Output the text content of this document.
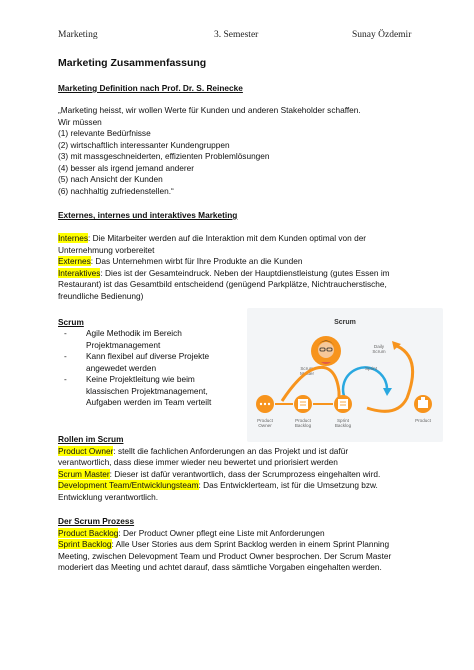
Marketing	3. Semester	Sunay Özdemir
Marketing Zusammenfassung
Marketing Definition nach Prof. Dr. S. Reinecke
„Marketing heisst, wir wollen Werte für Kunden und anderen Stakeholder schaffen.
Wir müssen
(1) relevante Bedürfnisse
(2) wirtschaftlich interessanter Kundengruppen
(3) mit massgeschneiderten, effizienten Problemlösungen
(4) besser als irgend jemand anderer
(5) nach Ansicht der Kunden
(6) nachhaltig zufriedenstellen.“
Externes, internes und interaktives Marketing
Internes: Die Mitarbeiter werden auf die Interaktion mit dem Kunden optimal von der
Unternehmung vorbereitet
Externes: Das Unternehmen wirbt für Ihre Produkte an die Kunden
Interaktives: Dies ist der Gesamteindruck. Neben der Hauptdienstleistung (gutes Essen im
Restaurant) ist das Gesamtbild entscheidend (genügend Parkplätze, Nichtraucherstische,
freundliche Bedienung)
Scrum
- Agile Methodik im Bereich
Projektmanagement
- Kann flexibel auf diverse Projekte
angewedet werden
- Keine Projektleitung wie beim
klassischen Projektmanagement,
Aufgaben werden im Team verteilt
Scrum
Scrum
Master
Daily
Scrum
Sprint
Product
Owner
Product
Backlog
Sprint
Backlog
Product
Rollen im Scrum
Product Owner: stellt die fachlichen Anforderungen an das Projekt und ist dafür
verantwortlich, dass diese immer wieder neu bewertet und priorisiert werden
Scrum Master: Dieser ist dafür verantwortlich, dass der Scrumprozess eingehalten wird.
Development Team/Entwicklungsteam: Das Entwicklerteam, ist für die Umsetzung bzw.
Entwicklung verantwortlich.
Der Scrum Prozess
Product Backlog: Der Product Owner pflegt eine Liste mit Anforderungen
Sprint Backlog: Alle User Stories aus dem Sprint Backlog werden in einem Sprint Planning
Meeting, zwischen Delevopment Team und Product Owner besprochen. Der Scrum Master
moderiert das Meeting und achtet darauf, dass sämtliche Vorgaben eingehalten werden.
